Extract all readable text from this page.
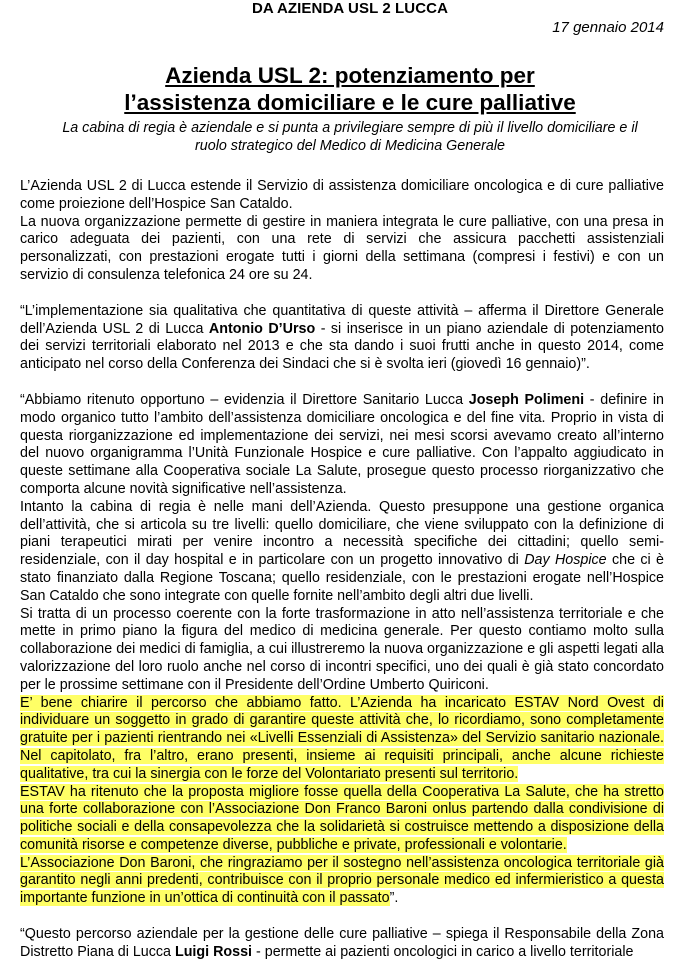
DA AZIENDA USL 2 LUCCA
17 gennaio 2014
Azienda USL 2: potenziamento per
l’assistenza domiciliare e le cure palliative
La cabina di regia è aziendale e si punta a privilegiare sempre di più il livello domiciliare e il ruolo strategico del Medico di Medicina Generale

L’Azienda USL 2 di Lucca estende il Servizio di assistenza domiciliare oncologica e di cure palliative come proiezione dell’Hospice San Cataldo.

La nuova organizzazione permette di gestire in maniera integrata le cure palliative, con una presa in carico adeguata dei pazienti, con una rete di servizi che assicura pacchetti assistenziali personalizzati, con prestazioni erogate tutti i giorni della settimana (compresi i festivi) e con un servizio di consulenza telefonica 24 ore su 24.

“L’implementazione sia qualitativa che quantitativa di queste attività – afferma il Direttore Generale dell’Azienda USL 2 di Lucca Antonio D’Urso - si inserisce in un piano aziendale di potenziamento dei servizi territoriali elaborato nel 2013 e che sta dando i suoi frutti anche in questo 2014, come anticipato nel corso della Conferenza dei Sindaci che si è svolta ieri (giovedì 16 gennaio)”.

“Abbiamo ritenuto opportuno – evidenzia il Direttore Sanitario Lucca Joseph Polimeni - definire in modo organico tutto l’ambito dell’assistenza domiciliare oncologica e del fine vita. Proprio in vista di questa riorganizzazione ed implementazione dei servizi, nei mesi scorsi avevamo creato all’interno del nuovo organigramma l’Unità Funzionale Hospice e cure palliative. Con l’appalto aggiudicato in queste settimane alla Cooperativa sociale La Salute, prosegue questo processo riorganizzativo che comporta alcune novità significative nell’assistenza.

Intanto la cabina di regia è nelle mani dell’Azienda. Questo presuppone una gestione organica dell’attività, che si articola su tre livelli: quello domiciliare, che viene sviluppato con la definizione di piani terapeutici mirati per venire incontro a necessità specifiche dei cittadini; quello semi-residenziale, con il day hospital e in particolare con un progetto innovativo di Day Hospice che ci è stato finanziato dalla Regione Toscana; quello residenziale, con le prestazioni erogate nell’Hospice San Cataldo che sono integrate con quelle fornite nell’ambito degli altri due livelli.

Si tratta di un processo coerente con la forte trasformazione in atto nell’assistenza territoriale e che mette in primo piano la figura del medico di medicina generale. Per questo contiamo molto sulla collaborazione dei medici di famiglia, a cui illustreremo la nuova organizzazione e gli aspetti legati alla valorizzazione del loro ruolo anche nel corso di incontri specifici, uno dei quali è già stato concordato per le prossime settimane con il Presidente dell’Ordine Umberto Quiriconi.

E’ bene chiarire il percorso che abbiamo fatto. L’Azienda ha incaricato ESTAV Nord Ovest di individuare un soggetto in grado di garantire queste attività che, lo ricordiamo, sono completamente gratuite per i pazienti rientrando nei «Livelli Essenziali di Assistenza» del Servizio sanitario nazionale. Nel capitolato, fra l’altro, erano presenti, insieme ai requisiti principali, anche alcune richieste qualitative, tra cui la sinergia con le forze del Volontariato presenti sul territorio.

ESTAV ha ritenuto che la proposta migliore fosse quella della Cooperativa La Salute, che ha stretto una forte collaborazione con l’Associazione Don Franco Baroni onlus partendo dalla condivisione di politiche sociali e della consapevolezza che la solidarietà si costruisce mettendo a disposizione della comunità risorse e competenze diverse, pubbliche e private, professionali e volontarie.

L’Associazione Don Baroni, che ringraziamo per il sostegno nell’assistenza oncologica territoriale già garantito negli anni predenti, contribuisce con il proprio personale medico ed infermieristico a questa importante funzione in un’ottica di continuità con il passato”.

“Questo percorso aziendale per la gestione delle cure palliative – spiega il Responsabile della Zona Distretto Piana di Lucca Luigi Rossi - permette ai pazienti oncologici in carico a livello territoriale
